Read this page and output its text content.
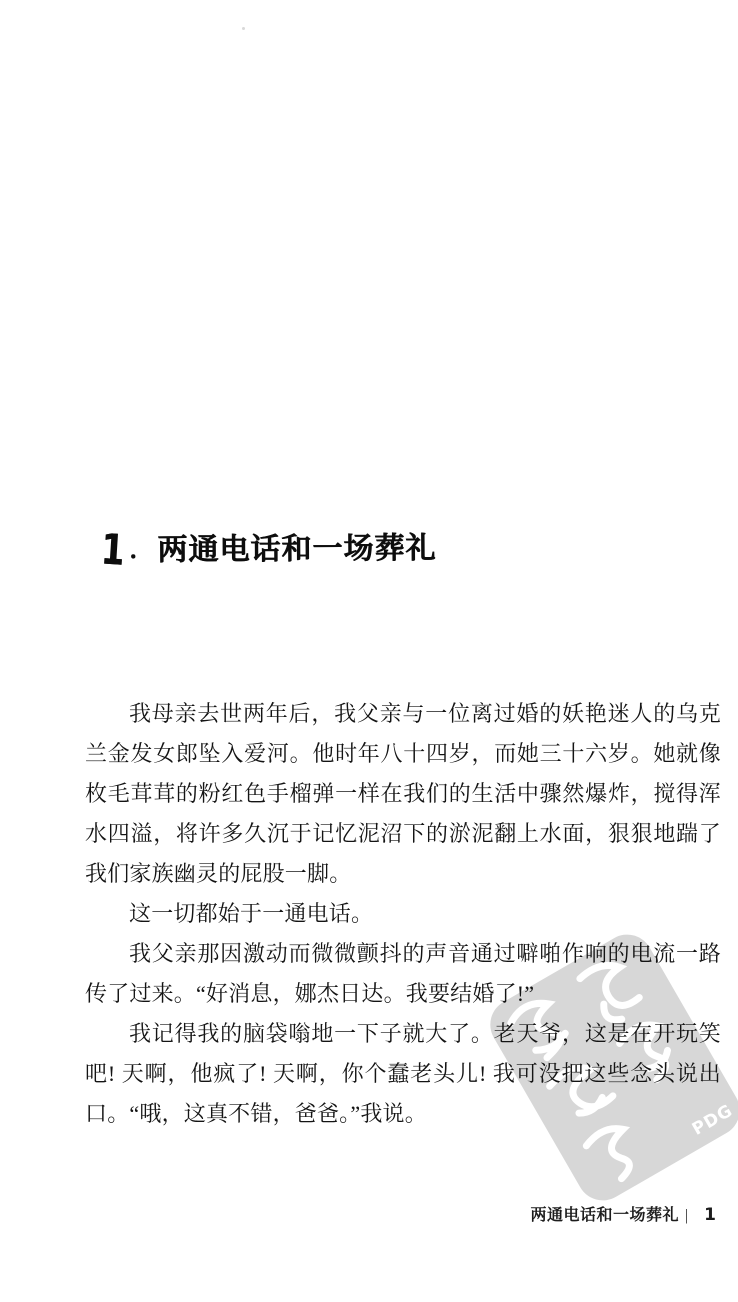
PDG
1 ．两通电话和一场葬礼

我母亲去世两年后，我父亲与一位离过婚的妖艳迷人的乌克兰金发女郎坠入爱河。他时年八十四岁，而她三十六岁。她就像枚毛茸茸的粉红色手榴弹一样在我们的生活中骤然爆炸，搅得浑水四溢，将许多久沉于记忆泥沼下的淤泥翻上水面，狠狠地踹了我们家族幽灵的屁股一脚。

这一切都始于一通电话。

我父亲那因激动而微微颤抖的声音通过噼啪作响的电流一路传了过来。“好消息，娜杰日达。我要结婚了!”

我记得我的脑袋嗡地一下子就大了。老天爷，这是在开玩笑吧! 天啊，他疯了! 天啊，你个蠢老头儿! 我可没把这些念头说出口。“哦，这真不错，爸爸。”我说。

两通电话和一场葬礼 | 1
